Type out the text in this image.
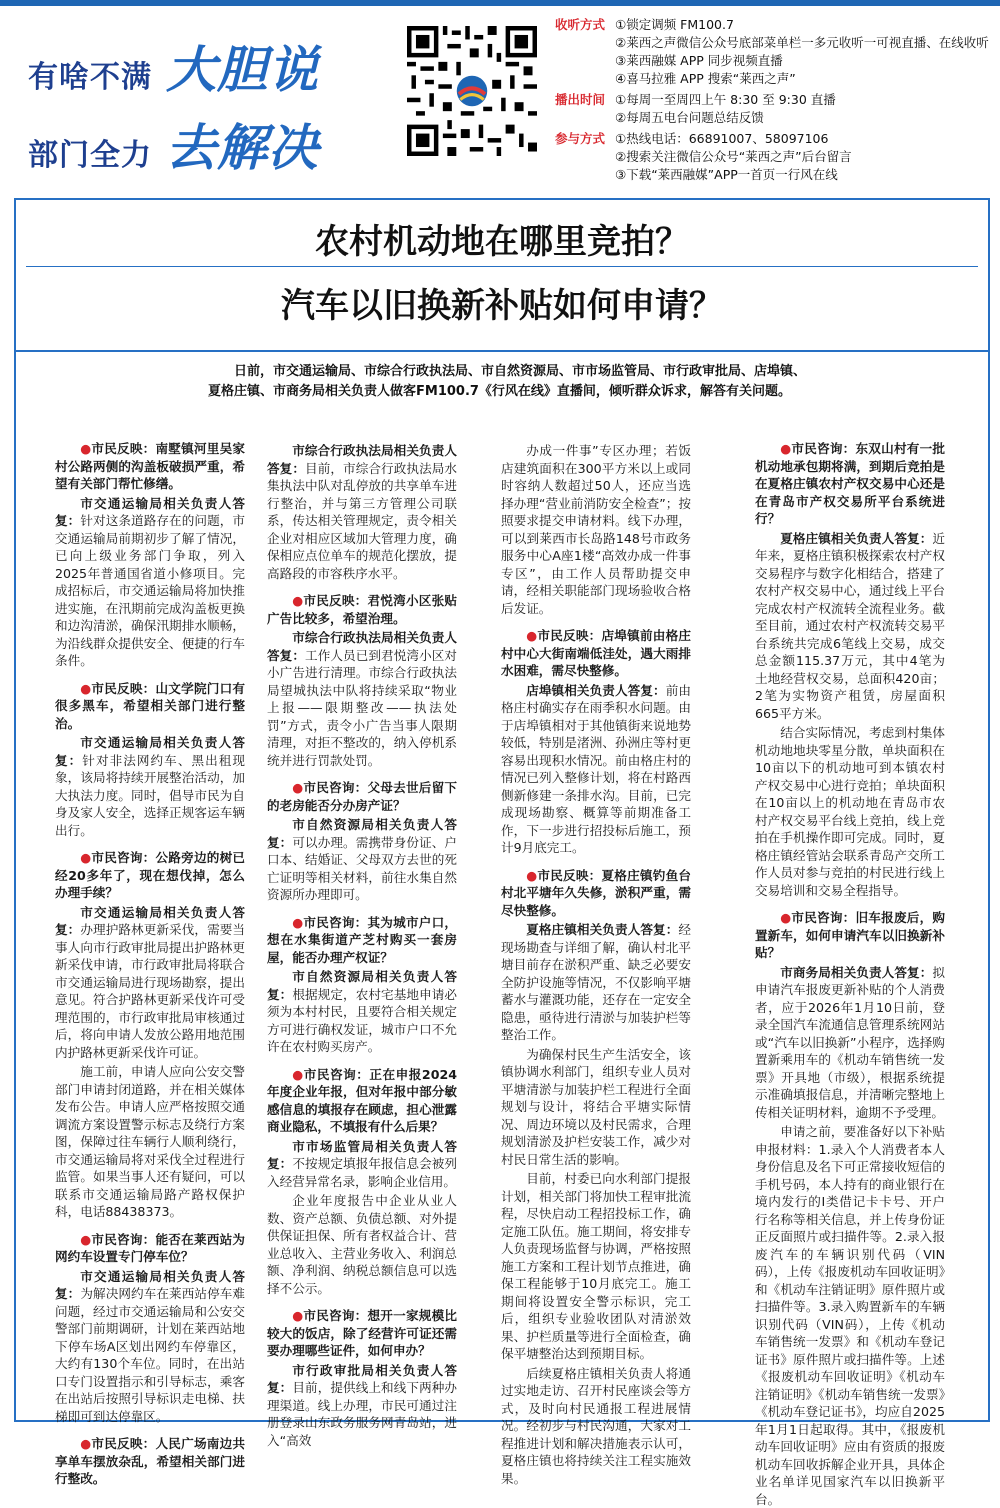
有啥不满 大胆说
部门全力 去解决
收听方式 ①锁定调频 FM100.7
②莱西之声微信公众号底部菜单栏一多元收听一可视直播、在线收听
③莱西融媒 APP 同步视频直播
④喜马拉雅 APP 搜索“莱西之声”
播出时间 ①每周一至周四上午 8:30 至 9:30 直播
②每周五电台问题总结反馈
参与方式 ①热线电话：66891007、58097106
②搜索关注微信公众号“莱西之声”后台留言
③下载“莱西融媒”APP一首页一行风在线
农村机动地在哪里竞拍？
汽车以旧换新补贴如何申请？
日前，市交通运输局、市综合行政执法局、市自然资源局、市市场监管局、市行政审批局、店埠镇、夏格庄镇、市商务局相关负责人做客FM100.7《行风在线》直播间，倾听群众诉求，解答有关问题。

●市民反映：南墅镇河里吴家村公路两侧的沟盖板破损严重，希望有关部门帮忙修缮。

市交通运输局相关负责人答复：针对这条道路存在的问题，市交通运输局前期初步了解了情况，已向上级业务部门争取，列入2025年普通国省道小修项目。完成招标后，市交通运输局将加快推进实施，在汛期前完成沟盖板更换和边沟清淤，确保汛期排水顺畅，为沿线群众提供安全、便捷的行车条件。

●市民反映：山文学院门口有很多黑车，希望相关部门进行整治。

市交通运输局相关负责人答复：针对非法网约车、黑出租现象，该局将持续开展整治活动，加大执法力度。同时，倡导市民为自身及家人安全，选择正规客运车辆出行。

●市民咨询：公路旁边的树已经20多年了，现在想伐掉，怎么办理手续？

市交通运输局相关负责人答复：办理护路林更新采伐，需要当事人向市行政审批局提出护路林更新采伐申请，市行政审批局将联合市交通运输局进行现场勘察，提出意见。符合护路林更新采伐许可受理范围的，市行政审批局审核通过后，将向申请人发放公路用地范围内护路林更新采伐许可证。

施工前，申请人应向公安交警部门申请封闭道路，并在相关媒体发布公告。申请人应严格按照交通调流方案设置警示标志及绕行方案图，保障过往车辆行人顺利绕行，市交通运输局将对采伐全过程进行监管。如果当事人还有疑问，可以联系市交通运输局路产路权保护科，电话88438373。

●市民咨询：能否在莱西站为网约车设置专门停车位？

市交通运输局相关负责人答复：为解决网约车在莱西站停车难问题，经过市交通运输局和公安交警部门前期调研，计划在莱西站地下停车场A区划出网约车停靠区，大约有130个车位。同时，在出站口专门设置指示和引导标志，乘客在出站后按照引导标识走电梯、扶梯即可到达停靠区。

●市民反映：人民广场南边共享单车摆放杂乱，希望相关部门进行整改。

市综合行政执法局相关负责人答复：目前，市综合行政执法局水集执法中队对乱停放的共享单车进行整治，并与第三方管理公司联系，传达相关管理规定，责令相关企业对相应区域加大管理力度，确保相应点位单车的规范化摆放，提高路段的市容秩序水平。

●市民反映：君悦湾小区张贴广告比较多，希望治理。

市综合行政执法局相关负责人答复：工作人员已到君悦湾小区对小广告进行清理。市综合行政执法局望城执法中队将持续采取“物业上报——限期整改——执法处罚”方式，责令小广告当事人限期清理，对拒不整改的，纳入停机系统并进行罚款处罚。

●市民咨询：父母去世后留下的老房能否分办房产证？

市自然资源局相关负责人答复：可以办理。需携带身份证、户口本、结婚证、父母双方去世的死亡证明等相关材料，前往水集自然资源所办理即可。

●市民咨询：其为城市户口，想在水集街道产芝村购买一套房屋，能否办理产权证？

市自然资源局相关负责人答复：根据规定，农村宅基地申请必须为本村村民，且要符合相关规定方可进行确权发证，城市户口不允许在农村购买房产。

●市民咨询：正在申报2024年度企业年报，但对年报中部分敏感信息的填报存在顾虑，担心泄露商业隐私，不填报有什么后果？

市市场监管局相关负责人答复：不按规定填报年报信息会被列入经营异常名录，影响企业信用。

企业年度报告中企业从业人数、资产总额、负债总额、对外提供保证担保、所有者权益合计、营业总收入、主营业务收入、利润总额、净利润、纳税总额信息可以选择不公示。

●市民咨询：想开一家规模比较大的饭店，除了经营许可证还需要办理哪些证件，如何申办？

市行政审批局相关负责人答复：目前，提供线上和线下两种办理渠道。线上办理，市民可通过注册登录山东政务服务网青岛站，进入“高效

办成一件事”专区办理；若饭店建筑面积在300平方米以上或同时容纳人数超过50人，还应当选择办理“营业前消防安全检查”；按照要求提交申请材料。线下办理，可以到莱西市长岛路148号市政务服务中心A座1楼“高效办成一件事专区”，由工作人员帮助提交申请，经相关职能部门现场验收合格后发证。

●市民反映：店埠镇前由格庄村中心大街南端低洼处，遇大雨排水困难，需尽快整修。

店埠镇相关负责人答复：前由格庄村确实存在雨季积水问题。由于店埠镇相对于其他镇街来说地势较低，特别是渚洲、孙洲庄等村更容易出现积水情况。前由格庄村的情况已列入整修计划，将在村路西侧新修建一条排水沟。目前，已完成现场勘察、概算等前期准备工作，下一步进行招投标后施工，预计9月底完工。

●市民反映：夏格庄镇钓鱼台村北平塘年久失修，淤积严重，需尽快整修。

夏格庄镇相关负责人答复：经现场勘查与详细了解，确认村北平塘目前存在淤积严重、缺乏必要安全防护设施等情况，不仅影响平塘蓄水与灌溉功能，还存在一定安全隐患，亟待进行清淤与加装护栏等整治工作。

为确保村民生产生活安全，该镇协调水利部门，组织专业人员对平塘清淤与加装护栏工程进行全面规划与设计，将结合平塘实际情况、周边环境以及村民需求，合理规划清淤及护栏安装工作，减少对村民日常生活的影响。

目前，村委已向水利部门提报计划，相关部门将加快工程审批流程，尽快启动工程招投标工作，确定施工队伍。施工期间，将安排专人负责现场监督与协调，严格按照施工方案和工程计划节点推进，确保工程能够于10月底完工。施工期间将设置安全警示标识，完工后，组织专业验收团队对清淤效果、护栏质量等进行全面检查，确保平塘整治达到预期目标。

后续夏格庄镇相关负责人将通过实地走访、召开村民座谈会等方式，及时向村民通报工程进展情况。经初步与村民沟通，大家对工程推进计划和解决措施表示认可，夏格庄镇也将持续关注工程实施效果。

●市民咨询：东双山村有一批机动地承包期将满，到期后竞拍是在夏格庄镇农村产权交易中心还是在青岛市产权交易所平台系统进行？

夏格庄镇相关负责人答复：近年来，夏格庄镇积极探索农村产权交易程序与数字化相结合，搭建了农村产权交易中心，通过线上平台完成农村产权流转全流程业务。截至目前，通过农村产权流转交易平台系统共完成6笔线上交易，成交总金额115.37万元，其中4笔为土地经营权交易，总面积420亩；2笔为实物资产租赁，房屋面积665平方米。

结合实际情况，考虑到村集体机动地地块零星分散，单块面积在10亩以下的机动地可到本镇农村产权交易中心进行竞拍；单块面积在10亩以上的机动地在青岛市农村产权交易平台线上竞拍，线上竞拍在手机操作即可完成。同时，夏格庄镇经管站会联系青岛产交所工作人员对参与竞拍的村民进行线上交易培训和交易全程指导。

●市民咨询：旧车报废后，购置新车，如何申请汽车以旧换新补贴？

市商务局相关负责人答复：拟申请汽车报废更新补贴的个人消费者，应于2026年1月10日前，登录全国汽车流通信息管理系统网站或“汽车以旧换新”小程序，选择购置新乘用车的《机动车销售统一发票》开具地（市级），根据系统提示准确填报信息，并清晰完整地上传相关证明材料，逾期不予受理。

申请之前，要准备好以下补贴申报材料：1.录入个人消费者本人身份信息及名下可正常接收短信的手机号码，本人持有的商业银行在境内发行的Ⅰ类借记卡卡号、开户行名称等相关信息，并上传身份证正反面照片或扫描件等。2.录入报废汽车的车辆识别代码（VIN码），上传《报废机动车回收证明》和《机动车注销证明》原件照片或扫描件等。3.录入购置新车的车辆识别代码（VIN码），上传《机动车销售统一发票》和《机动车登记证书》原件照片或扫描件等。上述《报废机动车回收证明》《机动车注销证明》《机动车销售统一发票》《机动车登记证书》，均应自2025年1月1日起取得。其中，《报废机动车回收证明》应由有资质的报废机动车回收拆解企业开具，具体企业名单详见国家汽车以旧换新平台。
